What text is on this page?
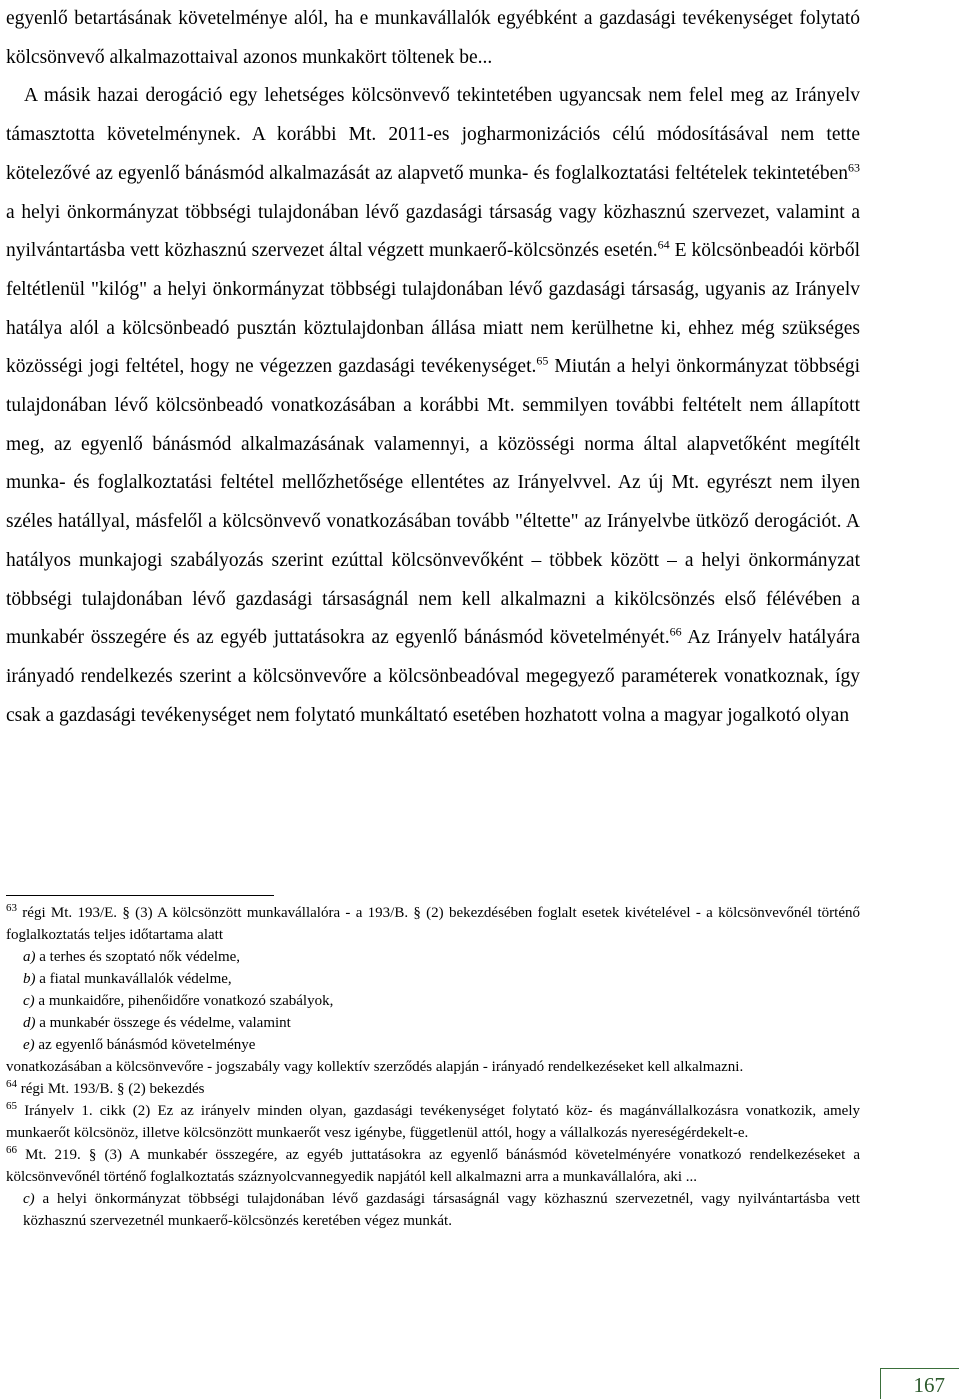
egyenlő betartásának követelménye alól, ha e munkavállalók egyébként a gazdasági tevékenységet folytató kölcsönvevő alkalmazottaival azonos munkakört töltenek be...

A másik hazai derogáció egy lehetséges kölcsönvevő tekintetében ugyancsak nem felel meg az Irányelv támasztotta követelménynek. A korábbi Mt. 2011-es jogharmonizációs célú módosításával nem tette kötelezővé az egyenlő bánásmód alkalmazását az alapvető munka- és foglalkoztatási feltételek tekintetében$^{63}$ a helyi önkormányzat többségi tulajdonában lévő gazdasági társaság vagy közhasznú szervezet, valamint a nyilvántartásba vett közhasznú szervezet által végzett munkaerő-kölcsönzés esetén.$^{64}$ E kölcsönbeadói körből feltétlenül "kilóg" a helyi önkormányzat többségi tulajdonában lévő gazdasági társaság, ugyanis az Irányelv hatálya alól a kölcsönbeadó pusztán köztulajdonban állása miatt nem kerülhetne ki, ehhez még szükséges közösségi jogi feltétel, hogy ne végezzen gazdasági tevékenységet.$^{65}$ Miután a helyi önkormányzat többségi tulajdonában lévő kölcsönbeadó vonatkozásában a korábbi Mt. semmilyen további feltételt nem állapított meg, az egyenlő bánásmód alkalmazásának valamennyi, a közösségi norma által alapvetőként megítélt munka- és foglalkoztatási feltétel mellőzhetősége ellentétes az Irányelvvel. Az új Mt. egyrészt nem ilyen széles hatállyal, másfelől a kölcsönvevő vonatkozásában tovább "éltette" az Irányelvbe ütköző derogációt. A hatályos munkajogi szabályozás szerint ezúttal kölcsönvevőként – többek között – a helyi önkormányzat többségi tulajdonában lévő gazdasági társaságnál nem kell alkalmazni a kikölcsönzés első félévében a munkabér összegére és az egyéb juttatásokra az egyenlő bánásmód követelményét.$^{66}$ Az Irányelv hatályára irányadó rendelkezés szerint a kölcsönvevőre a kölcsönbeadóval megegyező paraméterek vonatkoznak, így csak a gazdasági tevékenységet nem folytató munkáltató esetében hozhatott volna a magyar jogalkotó olyan

$^{63}$ régi Mt. 193/E. § (3) A kölcsönzött munkavállalóra - a 193/B. § (2) bekezdésében foglalt esetek kivételével - a kölcsönvevőnél történő foglalkoztatás teljes időtartama alatt

a) a terhes és szoptató nők védelme,

b) a fiatal munkavállalók védelme,

c) a munkaidőre, pihenőidőre vonatkozó szabályok,

d) a munkabér összege és védelme, valamint

e) az egyenlő bánásmód követelménye

vonatkozásában a kölcsönvevőre - jogszabály vagy kollektív szerződés alapján - irányadó rendelkezéseket kell alkalmazni.

$^{64}$ régi Mt. 193/B. § (2) bekezdés

$^{65}$ Irányelv 1. cikk (2) Ez az irányelv minden olyan, gazdasági tevékenységet folytató köz- és magánvállalkozásra vonatkozik, amely munkaerőt kölcsönöz, illetve kölcsönzött munkaerőt vesz igénybe, függetlenül attól, hogy a vállalkozás nyereségérdekelt-e.

$^{66}$ Mt. 219. § (3) A munkabér összegére, az egyéb juttatásokra az egyenlő bánásmód követelményére vonatkozó rendelkezéseket a kölcsönvevőnél történő foglalkoztatás száznyolcvannegyedik napjától kell alkalmazni arra a munkavállalóra, aki ...

c) a helyi önkormányzat többségi tulajdonában lévő gazdasági társaságnál vagy közhasznú szervezetnél, vagy nyilvántartásba vett közhasznú szervezetnél munkaerő-kölcsönzés keretében végez munkát.

167
